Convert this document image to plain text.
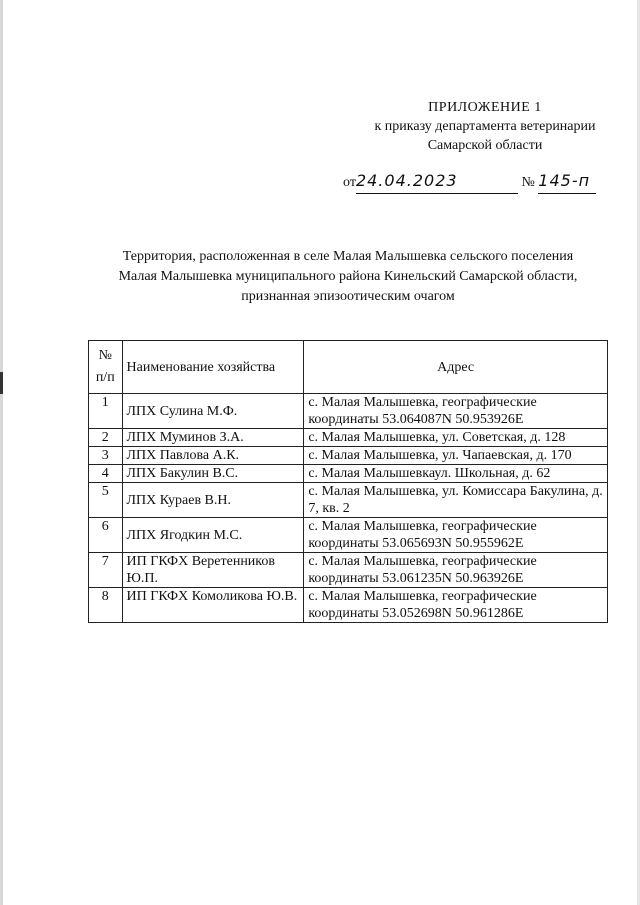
ПРИЛОЖЕНИЕ 1
к приказу департамента ветеринарии
Самарской области
от24.04.2023	№ 145-п
Территория, расположенная в селе Малая Малышевка сельского поселения
Малая Малышевка муниципального района Кинельский Самарской области,
признанная эпизоотическим очагом
№
п/п	Наименование хозяйства	Адрес
1	ЛПХ Сулина М.Ф.	с. Малая Малышевка, географические координаты 53.064087N 50.953926E
2	ЛПХ Муминов З.А.	с. Малая Малышевка, ул. Советская, д. 128
3	ЛПХ Павлова А.К.	с. Малая Малышевка, ул. Чапаевская, д. 170
4	ЛПХ Бакулин В.С.	с. Малая Малышевкаул. Школьная, д. 62
5	ЛПХ Кураев В.Н.	с. Малая Малышевка, ул. Комиссара Бакулина, д. 7, кв. 2
6	ЛПХ Ягодкин М.С.	с. Малая Малышевка, географические координаты 53.065693N 50.955962E
7	ИП ГКФХ Веретенников Ю.П.	с. Малая Малышевка, географические координаты 53.061235N 50.963926E
8	ИП ГКФХ Комоликова Ю.В.	с. Малая Малышевка, географические координаты 53.052698N 50.961286E
